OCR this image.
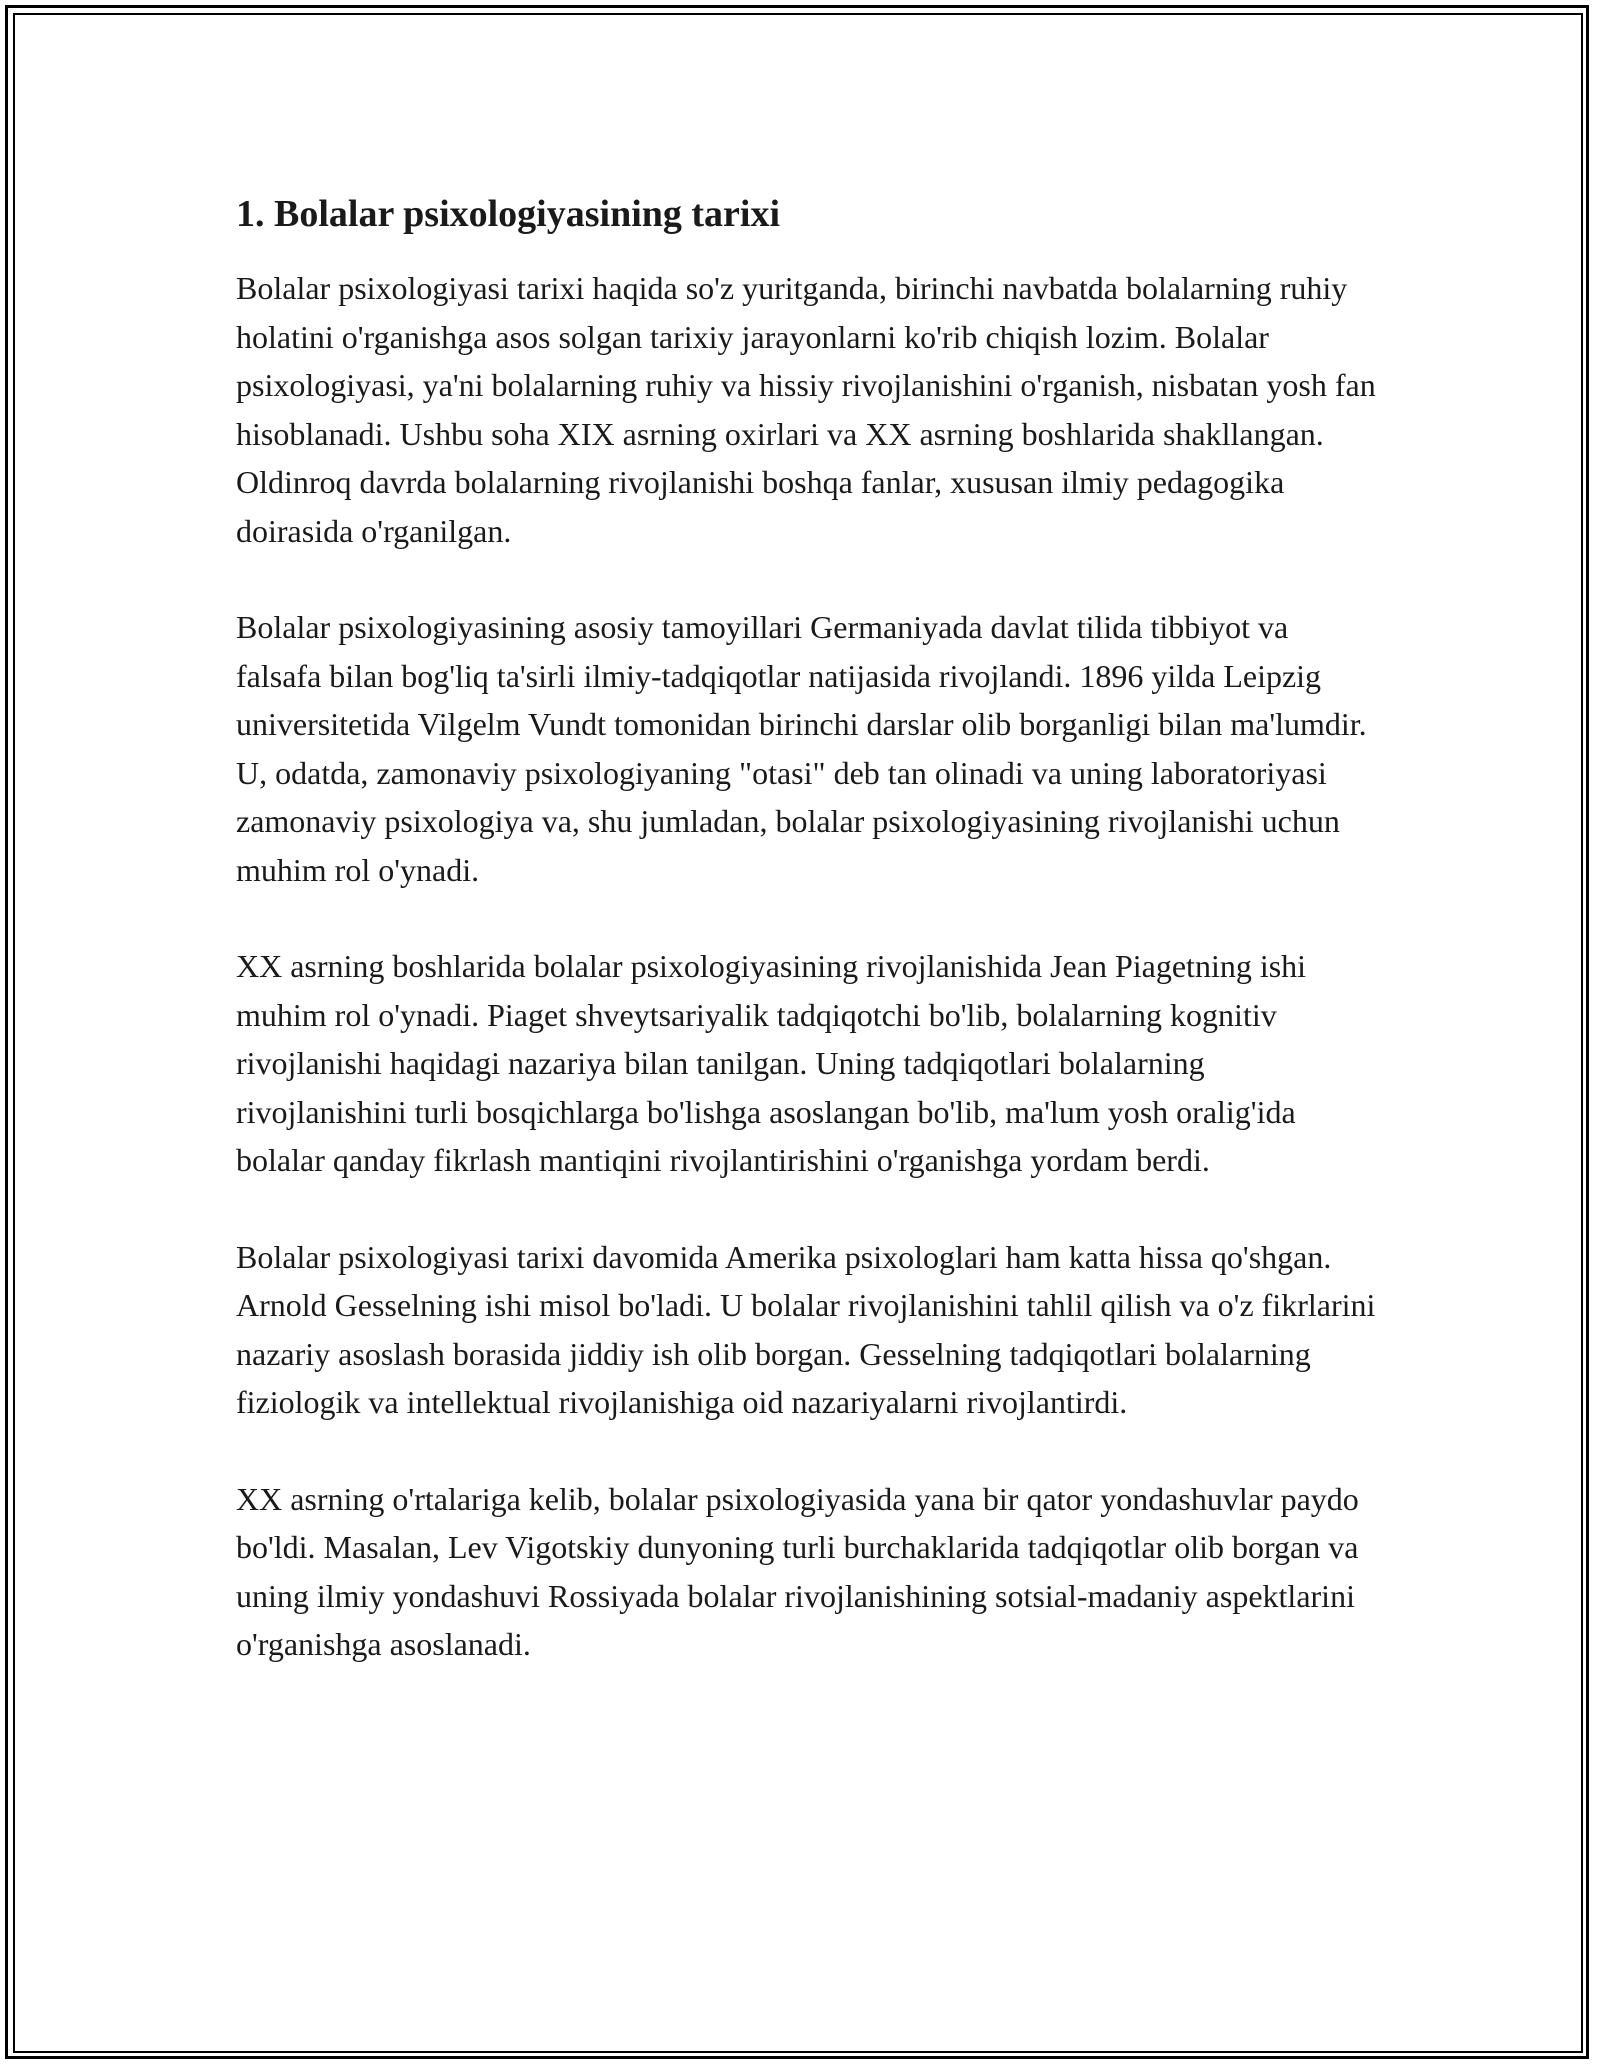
1. Bolalar psixologiyasining tarixi

Bolalar psixologiyasi tarixi haqida so'z yuritganda, birinchi navbatda bolalarning ruhiy holatini o'rganishga asos solgan tarixiy jarayonlarni ko'rib chiqish lozim. Bolalar psixologiyasi, ya'ni bolalarning ruhiy va hissiy rivojlanishini o'rganish, nisbatan yosh fan hisoblanadi. Ushbu soha XIX asrning oxirlari va XX asrning boshlarida shakllangan. Oldinroq davrda bolalarning rivojlanishi boshqa fanlar, xususan ilmiy pedagogika doirasida o'rganilgan.

Bolalar psixologiyasining asosiy tamoyillari Germaniyada davlat tilida tibbiyot va falsafa bilan bog'liq ta'sirli ilmiy-tadqiqotlar natijasida rivojlandi. 1896 yilda Leipzig universitetida Vilgelm Vundt tomonidan birinchi darslar olib borganligi bilan ma'lumdir. U, odatda, zamonaviy psixologiyaning "otasi" deb tan olinadi va uning laboratoriyasi zamonaviy psixologiya va, shu jumladan, bolalar psixologiyasining rivojlanishi uchun muhim rol o'ynadi.

XX asrning boshlarida bolalar psixologiyasining rivojlanishida Jean Piagetning ishi muhim rol o'ynadi. Piaget shveytsariyalik tadqiqotchi bo'lib, bolalarning kognitiv rivojlanishi haqidagi nazariya bilan tanilgan. Uning tadqiqotlari bolalarning rivojlanishini turli bosqichlarga bo'lishga asoslangan bo'lib, ma'lum yosh oralig'ida bolalar qanday fikrlash mantiqini rivojlantirishini o'rganishga yordam berdi.

Bolalar psixologiyasi tarixi davomida Amerika psixologlari ham katta hissa qo'shgan. Arnold Gesselning ishi misol bo'ladi. U bolalar rivojlanishini tahlil qilish va o'z fikrlarini nazariy asoslash borasida jiddiy ish olib borgan. Gesselning tadqiqotlari bolalarning fiziologik va intellektual rivojlanishiga oid nazariyalarni rivojlantirdi.

XX asrning o'rtalariga kelib, bolalar psixologiyasida yana bir qator yondashuvlar paydo bo'ldi. Masalan, Lev Vigotskiy dunyoning turli burchaklarida tadqiqotlar olib borgan va uning ilmiy yondashuvi Rossiyada bolalar rivojlanishining sotsial-madaniy aspektlarini o'rganishga asoslanadi.
